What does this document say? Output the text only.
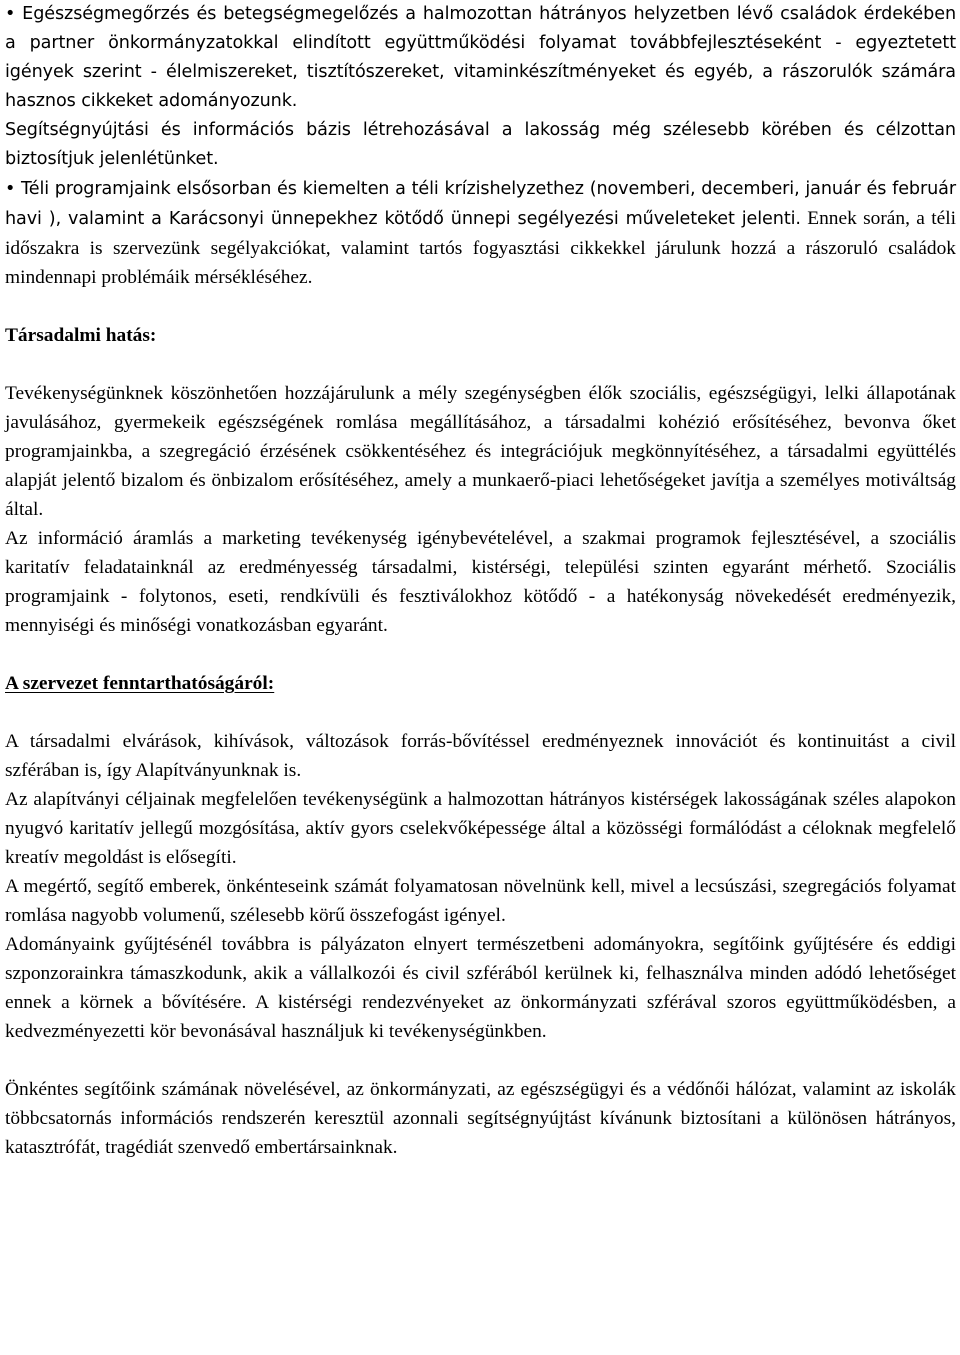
• Egészségmegőrzés és betegségmegelőzés a halmozottan hátrányos helyzetben lévő családok érdekében a partner önkormányzatokkal elindított együttműködési folyamat továbbfejlesztéseként - egyeztetett igények szerint - élelmiszereket, tisztítószereket, vitaminkészítményeket és egyéb, a rászorulók számára hasznos cikkeket adományozunk.

Segítségnyújtási és információs bázis létrehozásával a lakosság még szélesebb körében és célzottan biztosítjuk jelenlétünket.

• Téli programjaink elsősorban és kiemelten a téli krízishelyzethez (novemberi, decemberi, január és február havi ), valamint a Karácsonyi ünnepekhez kötődő ünnepi segélyezési műveleteket jelenti. Ennek során, a téli időszakra is szervezünk segélyakciókat, valamint tartós fogyasztási cikkekkel járulunk hozzá a rászoruló családok mindennapi problémáik mérsékléséhez.

Társadalmi hatás:

Tevékenységünknek köszönhetően hozzájárulunk a mély szegénységben élők szociális, egészségügyi, lelki állapotának javulásához, gyermekeik egészségének romlása megállításához, a társadalmi kohézió erősítéséhez, bevonva őket programjainkba, a szegregáció érzésének csökkentéséhez és integrációjuk megkönnyítéséhez, a társadalmi együttélés alapját jelentő bizalom és önbizalom erősítéséhez, amely a munkaerő-piaci lehetőségeket javítja a személyes motiváltság által.

Az információ áramlás a marketing tevékenység igénybevételével, a szakmai programok fejlesztésével, a szociális karitatív feladatainknál az eredményesség társadalmi, kistérségi, települési szinten egyaránt mérhető. Szociális programjaink - folytonos, eseti, rendkívüli és fesztiválokhoz kötődő - a hatékonyság növekedését eredményezik, mennyiségi és minőségi vonatkozásban egyaránt.

A szervezet fenntarthatóságáról:

A társadalmi elvárások, kihívások, változások forrás-bővítéssel eredményeznek innovációt és kontinuitást a civil szférában is, így Alapítványunknak is.

Az alapítványi céljainak megfelelően tevékenységünk a halmozottan hátrányos kistérségek lakosságának széles alapokon nyugvó karitatív jellegű mozgósítása, aktív gyors cselekvőképessége által a közösségi formálódást a céloknak megfelelő kreatív megoldást is elősegíti.

A megértő, segítő emberek, önkénteseink számát folyamatosan növelnünk kell, mivel a lecsúszási, szegregációs folyamat romlása nagyobb volumenű, szélesebb körű összefogást igényel.

Adományaink gyűjtésénél továbbra is pályázaton elnyert természetbeni adományokra, segítőink gyűjtésére és eddigi szponzorainkra támaszkodunk, akik a vállalkozói és civil szférából kerülnek ki, felhasználva minden adódó lehetőséget ennek a körnek a bővítésére. A kistérségi rendezvényeket az önkormányzati szférával szoros együttműködésben, a kedvezményezetti kör bevonásával használjuk ki tevékenységünkben.

Önkéntes segítőink számának növelésével, az önkormányzati, az egészségügyi és a védőnői hálózat, valamint az iskolák többcsatornás információs rendszerén keresztül azonnali segítségnyújtást kívánunk biztosítani a különösen hátrányos, katasztrófát, tragédiát szenvedő embertársainknak.
